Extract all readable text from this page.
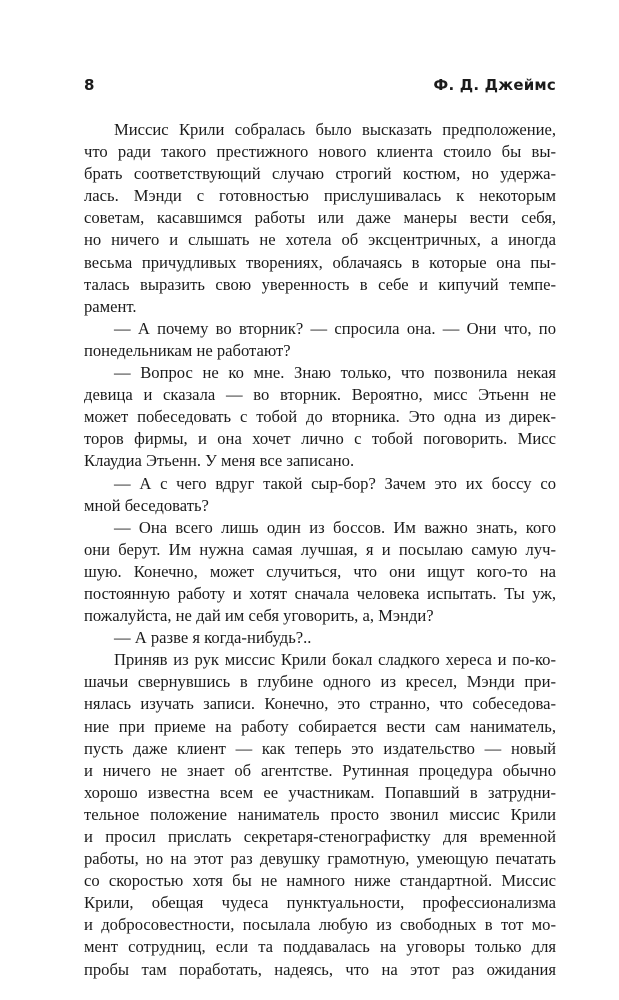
8	Ф. Д. Джеймс
Миссис Крили собралась было высказать предположение,
что ради такого престижного нового клиента стоило бы вы-
брать соответствующий случаю строгий костюм, но удержа-
лась. Мэнди с готовностью прислушивалась к некоторым
советам, касавшимся работы или даже манеры вести себя,
но ничего и слышать не хотела об эксцентричных, а иногда
весьма причудливых творениях, облачаясь в которые она пы-
талась выразить свою уверенность в себе и кипучий темпе-
рамент.
— А почему во вторник? — спросила она. — Они что, по
понедельникам не работают?
— Вопрос не ко мне. Знаю только, что позвонила некая
девица и сказала — во вторник. Вероятно, мисс Этьенн не
может побеседовать с тобой до вторника. Это одна из дирек-
торов фирмы, и она хочет лично с тобой поговорить. Мисс
Клаудиа Этьенн. У меня все записано.
— А с чего вдруг такой сыр-бор? Зачем это их боссу со
мной беседовать?
— Она всего лишь один из боссов. Им важно знать, кого
они берут. Им нужна самая лучшая, я и посылаю самую луч-
шую. Конечно, может случиться, что они ищут кого-то на
постоянную работу и хотят сначала человека испытать. Ты уж,
пожалуйста, не дай им себя уговорить, а, Мэнди?
— А разве я когда-нибудь?..
Приняв из рук миссис Крили бокал сладкого хереса и по-ко-
шачьи свернувшись в глубине одного из кресел, Мэнди при-
нялась изучать записи. Конечно, это странно, что собеседова-
ние при приеме на работу собирается вести сам наниматель,
пусть даже клиент — как теперь это издательство — новый
и ничего не знает об агентстве. Рутинная процедура обычно
хорошо известна всем ее участникам. Попавший в затрудни-
тельное положение наниматель просто звонил миссис Крили
и просил прислать секретаря-стенографистку для временной
работы, но на этот раз девушку грамотную, умеющую печатать
со скоростью хотя бы не намного ниже стандартной. Миссис
Крили, обещая чудеса пунктуальности, профессионализма
и добросовестности, посылала любую из свободных в тот мо-
мент сотрудниц, если та поддавалась на уговоры только для
пробы там поработать, надеясь, что на этот раз ожидания
